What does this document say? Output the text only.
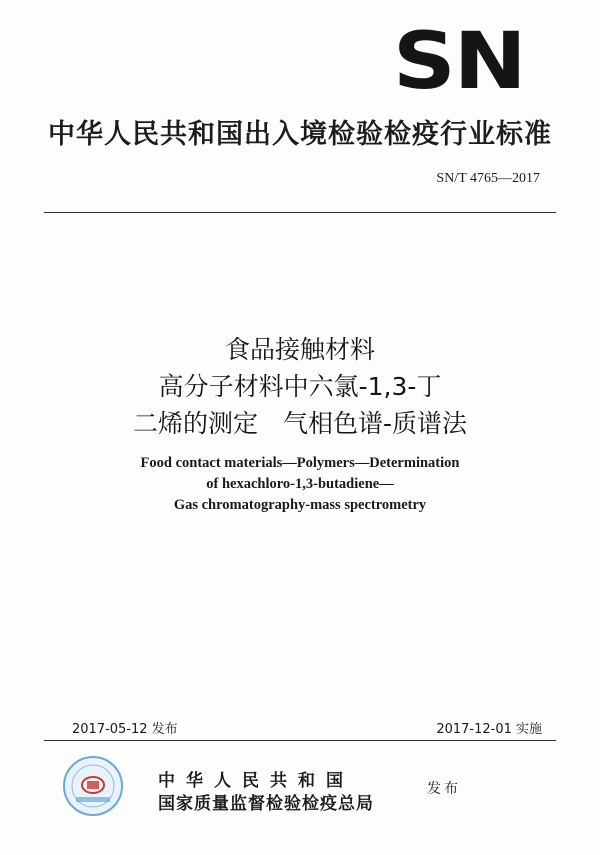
SN
中华人民共和国出入境检验检疫行业标准
SN/T 4765—2017
食品接触材料
高分子材料中六氯-1,3-丁
二烯的测定　气相色谱-质谱法
Food contact materials—Polymers—Determination
of hexachloro-1,3-butadiene—
Gas chromatography-mass spectrometry
2017-05-12 发布	2017-12-01 实施
中华人民共和国
国家质量监督检验检疫总局
发布
